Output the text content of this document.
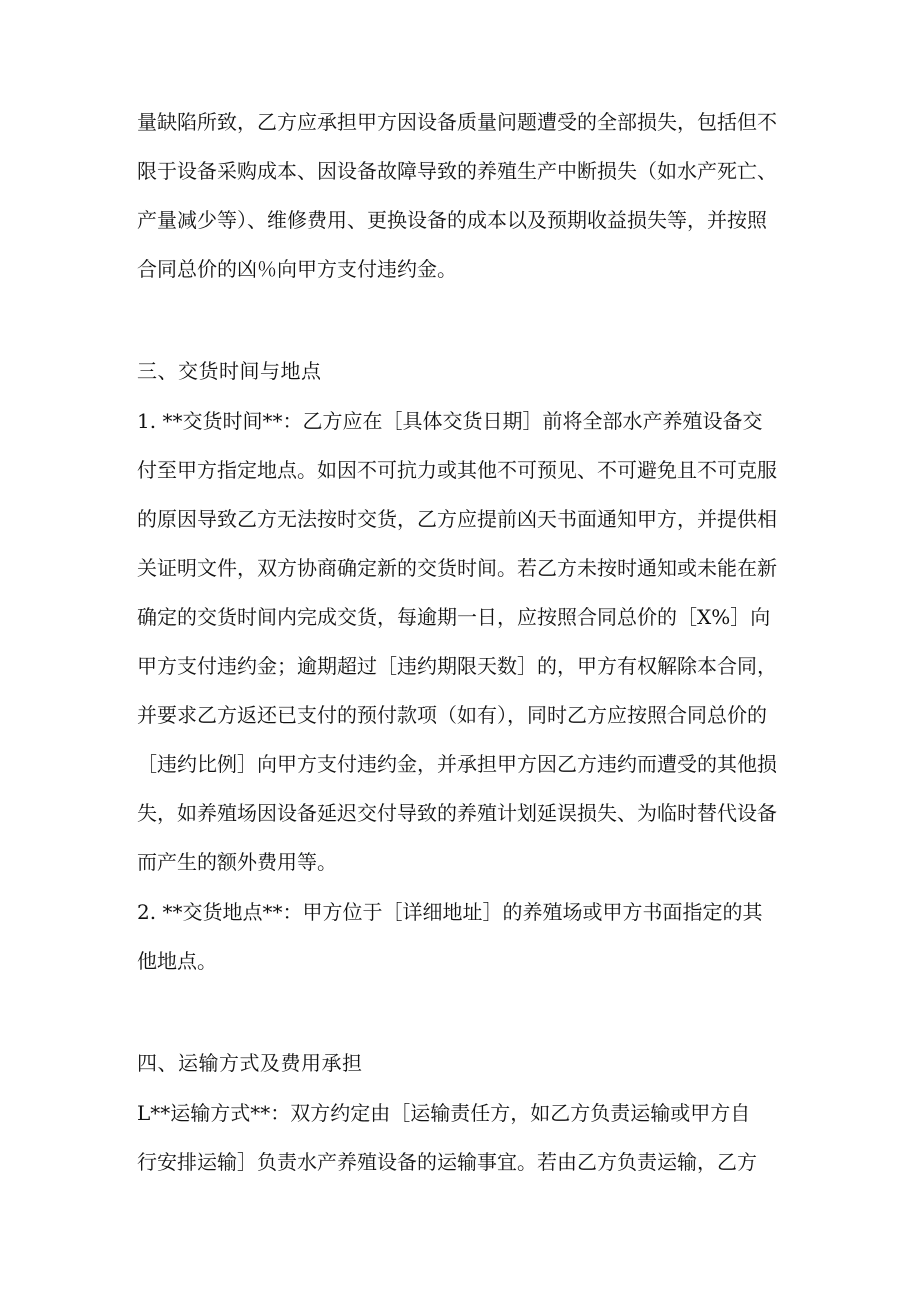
量缺陷所致，乙方应承担甲方因设备质量问题遭受的全部损失，包括但不

限于设备采购成本、因设备故障导致的养殖生产中断损失（如水产死亡、

产量减少等）、维修费用、更换设备的成本以及预期收益损失等，并按照

合同总价的凶％向甲方支付违约金。

三、交货时间与地点

1. **交货时间**：乙方应在［具体交货日期］前将全部水产养殖设备交

付至甲方指定地点。如因不可抗力或其他不可预见、不可避免且不可克服

的原因导致乙方无法按时交货，乙方应提前凶天书面通知甲方，并提供相

关证明文件，双方协商确定新的交货时间。若乙方未按时通知或未能在新

确定的交货时间内完成交货，每逾期一日，应按照合同总价的［X%］向

甲方支付违约金；逾期超过［违约期限天数］的，甲方有权解除本合同，

并要求乙方返还已支付的预付款项（如有），同时乙方应按照合同总价的

［违约比例］向甲方支付违约金，并承担甲方因乙方违约而遭受的其他损

失，如养殖场因设备延迟交付导致的养殖计划延误损失、为临时替代设备

而产生的额外费用等。

2. **交货地点**：甲方位于［详细地址］的养殖场或甲方书面指定的其

他地点。

四、运输方式及费用承担

L**运输方式**：双方约定由［运输责任方，如乙方负责运输或甲方自

行安排运输］负责水产养殖设备的运输事宜。若由乙方负责运输，乙方
